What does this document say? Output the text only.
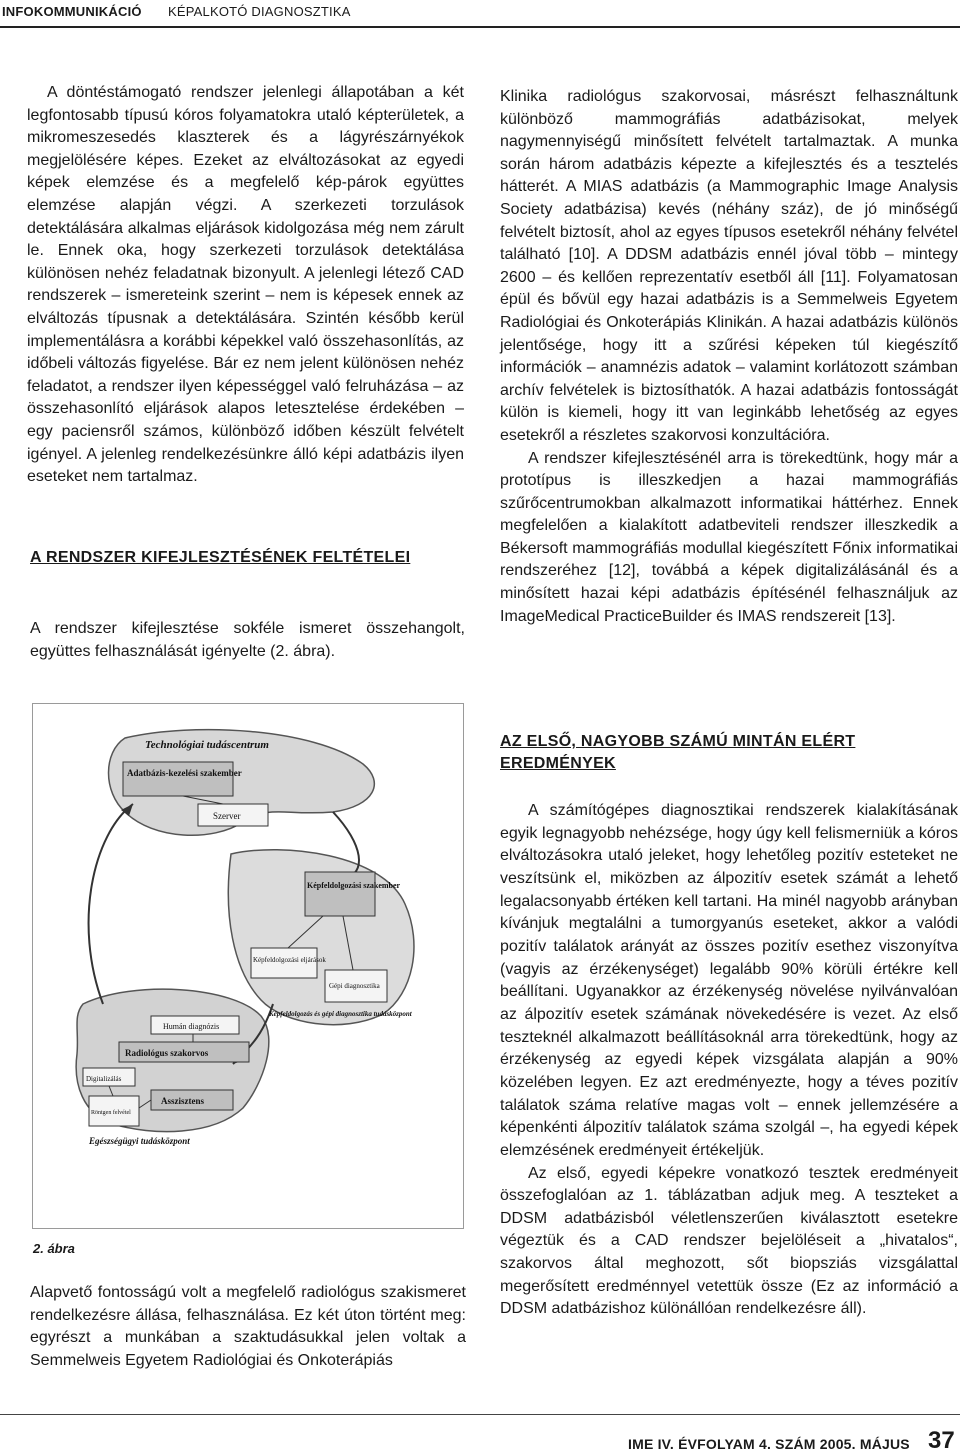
INFOKOMMUNIKÁCIÓ KÉPALKOTÓ DIAGNOSZTIKA

A döntéstámogató rendszer jelenlegi állapotában a két legfontosabb típusú kóros folyamatokra utaló képterületek, a mikromeszesedés klaszterek és a lágyrészárnyékok megjelölésére képes. Ezeket az elváltozásokat az egyedi képek elemzése és a megfelelő kép-párok együttes elemzése alapján végzi. A szerkezeti torzulások detektálására alkalmas eljárások kidolgozása még nem zárult le. Ennek oka, hogy szerkezeti torzulások detektálása különösen nehéz feladatnak bizonyult. A jelenlegi létező CAD rendszerek – ismereteink szerint – nem is képesek ennek az elváltozás típusnak a detektálására. Szintén később kerül implementálásra a korábbi képekkel való összehasonlítás, az időbeli változás figyelése. Bár ez nem jelent különösen nehéz feladatot, a rendszer ilyen képességgel való felruházása – az összehasonlító eljárások alapos letesztelése érdekében – egy paciensről számos, különböző időben készült felvételt igényel. A jelenleg rendelkezésünkre álló képi adatbázis ilyen eseteket nem tartalmaz.

A RENDSZER KIFEJLESZTÉSÉNEK FELTÉTELEI

A rendszer kifejlesztése sokféle ismeret összehangolt, együttes felhasználását igényelte (2. ábra).

Technológiai tudáscentrum
Adatbázis-kezelési szakember
Szerver
Képfeldolgozási szakember
Képfeldolgozási eljárások
Gépi diagnosztika
Képfeldolgozás és gépi diagnosztika tudásközpont
Humán diagnózis
Radiológus szakorvos
Digitalizálás
Asszisztens
Röntgen felvétel
Egészségügyi tudásközpont
2. ábra

Alapvető fontosságú volt a megfelelő radiológus szakismeret rendelkezésre állása, felhasználása. Ez két úton történt meg: egyrészt a munkában a szaktudásukkal jelen voltak a Semmelweis Egyetem Radiológiai és Onkoterápiás

Klinika radiológus szakorvosai, másrészt felhasználtunk különböző mammográfiás adatbázisokat, melyek nagymennyiségű minősített felvételt tartalmaztak. A munka során három adatbázis képezte a kifejlesztés és a tesztelés hátterét. A MIAS adatbázis (a Mammographic Image Analysis Society adatbázisa) kevés (néhány száz), de jó minőségű felvételt biztosít, ahol az egyes típusos esetekről néhány felvétel található [10]. A DDSM adatbázis ennél jóval több – mintegy 2600 – és kellően reprezentatív esetből áll [11]. Folyamatosan épül és bővül egy hazai adatbázis is a Semmelweis Egyetem Radiológiai és Onkoterápiás Klinikán. A hazai adatbázis különös jelentősége, hogy itt a szűrési képeken túl kiegészítő információk – anamnézis adatok – valamint korlátozott számban archív felvételek is biztosíthatók. A hazai adatbázis fontosságát külön is kiemeli, hogy itt van leginkább lehetőség az egyes esetekről a részletes szakorvosi konzultációra.

A rendszer kifejlesztésénél arra is törekedtünk, hogy már a prototípus is illeszkedjen a hazai mammográfiás szűrőcentrumokban alkalmazott informatikai háttérhez. Ennek megfelelően a kialakított adatbeviteli rendszer illeszkedik a Békersoft mammográfiás modullal kiegészített Főnix informatikai rendszeréhez [12], továbbá a képek digitalizálásánál és a minősített hazai képi adatbázis építésénél felhasználjuk az ImageMedical PracticeBuilder és IMAS rendszereit [13].

AZ ELSŐ, NAGYOBB SZÁMÚ MINTÁN ELÉRT EREDMÉNYEK

A számítógépes diagnosztikai rendszerek kialakításának egyik legnagyobb nehézsége, hogy úgy kell felismerniük a kóros elváltozásokra utaló jeleket, hogy lehetőleg pozitív esteteket ne veszítsünk el, miközben az álpozitív esetek számát a lehető legalacsonyabb értéken kell tartani. Ha minél nagyobb arányban kívánjuk megtalálni a tumorgyanús eseteket, akkor a valódi pozitív találatok arányát az összes pozitív esethez viszonyítva (vagyis az érzékenységet) legalább 90% körüli értékre kell beállítani. Ugyanakkor az érzékenység növelése nyilvánvalóan az álpozitív esetek számának növekedésére is vezet. Az első teszteknél alkalmazott beállításoknál arra törekedtünk, hogy az érzékenység az egyedi képek vizsgálata alapján a 90% közelében legyen. Ez azt eredményezte, hogy a téves pozitív találatok száma relatíve magas volt – ennek jellemzésére a képenkénti álpozitív találatok száma szolgál –, ha egyedi képek elemzésének eredményeit értékeljük.

Az első, egyedi képekre vonatkozó tesztek eredményeit összefoglalóan az 1. táblázatban adjuk meg. A teszteket a DDSM adatbázisból véletlenszerűen kiválasztott esetekre végeztük és a CAD rendszer bejelöléseit a „hivatalos“, szakorvos által meghozott, sőt biopsziás vizsgálattal megerősített eredménnyel vetettük össze (Ez az információ a DDSM adatbázishoz különállóan rendelkezésre áll).

IME IV. ÉVFOLYAM 4. SZÁM 2005. MÁJUS 37
